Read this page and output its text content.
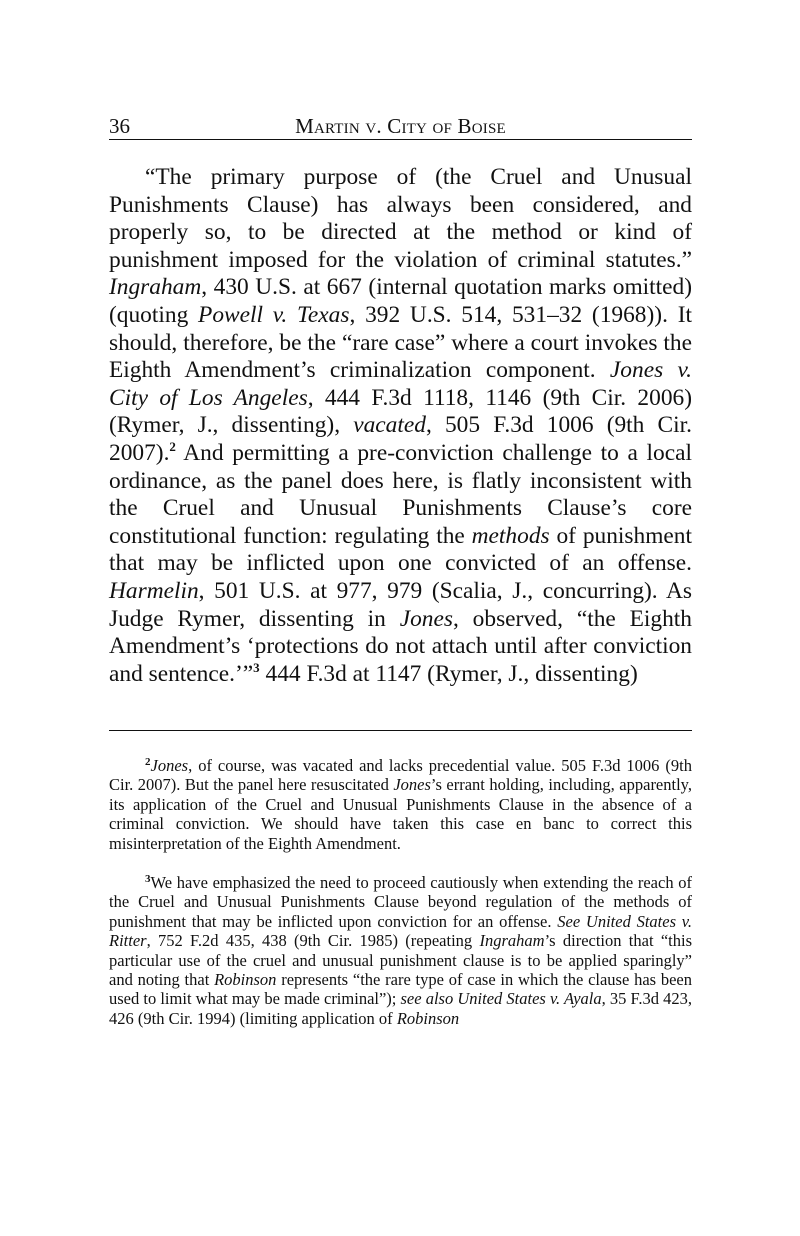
36	Martin v. City of Boise

“The primary purpose of (the Cruel and Unusual Punishments Clause) has always been considered, and properly so, to be directed at the method or kind of punishment imposed for the violation of criminal statutes.” Ingraham, 430 U.S. at 667 (internal quotation marks omitted) (quoting Powell v. Texas, 392 U.S. 514, 531–32 (1968)). It should, therefore, be the “rare case” where a court invokes the Eighth Amendment’s criminalization component. Jones v. City of Los Angeles, 444 F.3d 1118, 1146 (9th Cir. 2006) (Rymer, J., dissenting), vacated, 505 F.3d 1006 (9th Cir. 2007).$^2$ And permitting a pre-conviction challenge to a local ordinance, as the panel does here, is flatly inconsistent with the Cruel and Unusual Punishments Clause’s core constitutional function: regulating the methods of punishment that may be inflicted upon one convicted of an offense. Harmelin, 501 U.S. at 977, 979 (Scalia, J., concurring). As Judge Rymer, dissenting in Jones, observed, “the Eighth Amendment’s ‘protections do not attach until after conviction and sentence.’”$^3$ 444 F.3d at 1147 (Rymer, J., dissenting)

$^2$Jones, of course, was vacated and lacks precedential value. 505 F.3d 1006 (9th Cir. 2007). But the panel here resuscitated Jones’s errant holding, including, apparently, its application of the Cruel and Unusual Punishments Clause in the absence of a criminal conviction. We should have taken this case en banc to correct this misinterpretation of the Eighth Amendment.

$^3$We have emphasized the need to proceed cautiously when extending the reach of the Cruel and Unusual Punishments Clause beyond regulation of the methods of punishment that may be inflicted upon conviction for an offense. See United States v. Ritter, 752 F.2d 435, 438 (9th Cir. 1985) (repeating Ingraham’s direction that “this particular use of the cruel and unusual punishment clause is to be applied sparingly” and noting that Robinson represents “the rare type of case in which the clause has been used to limit what may be made criminal”); see also United States v. Ayala, 35 F.3d 423, 426 (9th Cir. 1994) (limiting application of Robinson
